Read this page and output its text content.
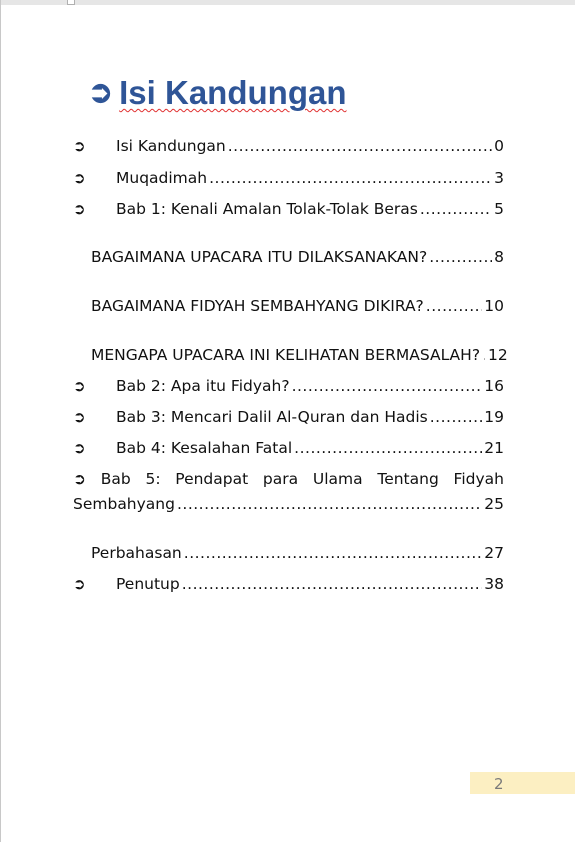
➲ Isi Kandungan
➲	Isi Kandungan .....	0
➲	Muqadimah .....	3
➲	Bab 1: Kenali Amalan Tolak-Tolak Beras .....	5
BAGAIMANA UPACARA ITU DILAKSANAKAN? .....	8
BAGAIMANA FIDYAH SEMBAHYANG DIKIRA? .....	10
MENGAPA UPACARA INI KELIHATAN BERMASALAH? ..... 12
➲	Bab 2: Apa itu Fidyah? .....	16
➲	Bab 3: Mencari Dalil Al-Quran dan Hadis .....	19
➲	Bab 4: Kesalahan Fatal .....	21
➲ Bab 5: Pendapat para Ulama Tentang Fidyah
Sembahyang .....	25
Perbahasan .....	27
➲	Penutup .....	38
2
